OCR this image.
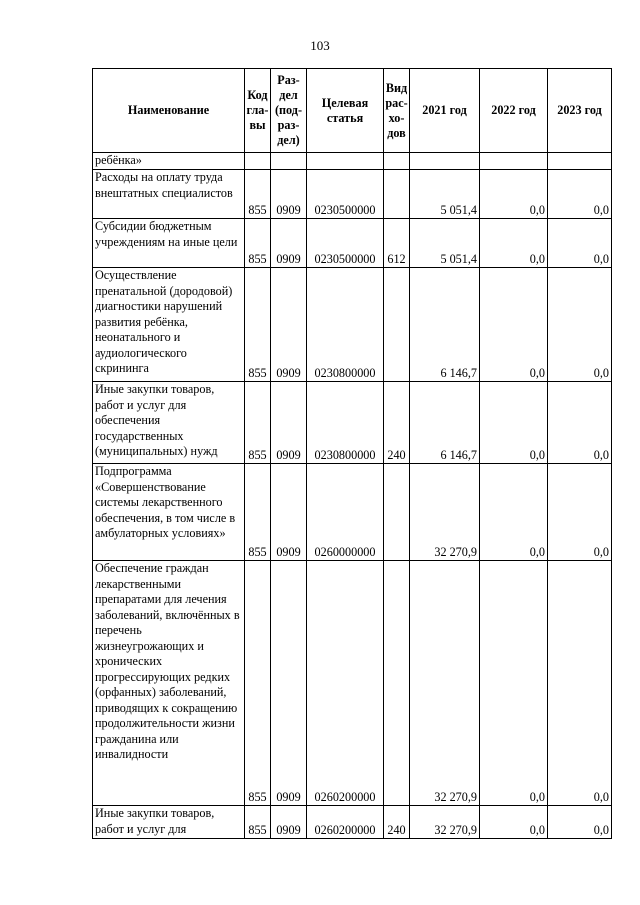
103
Наименование	Код гла- вы	Раз- дел (под- раз- дел)	Целевая статья	Вид рас- хо- дов	2021 год	2022 год	2023 год
ребёнка»							
Расходы на оплату труда внештатных специалистов	855	0909	0230500000		5 051,4	0,0	0,0
Субсидии бюджетным учреждениям на иные цели	855	0909	0230500000	612	5 051,4	0,0	0,0
Осуществление пренатальной (дородовой) диагностики нарушений развития ребёнка, неонатального и аудиологического скрининга	855	0909	0230800000		6 146,7	0,0	0,0
Иные закупки товаров, работ и услуг для обеспечения государственных (муниципальных) нужд	855	0909	0230800000	240	6 146,7	0,0	0,0
Подпрограмма «Совершенствование системы лекарственного обеспечения, в том числе в амбулаторных условиях»	855	0909	0260000000		32 270,9	0,0	0,0
Обеспечение граждан лекарственными препаратами для лечения заболеваний, включённых в перечень жизнеугрожающих и хронических прогрессирующих редких (орфанных) заболеваний, приводящих к сокращению продолжительности жизни гражданина или инвалидности	855	0909	0260200000		32 270,9	0,0	0,0
Иные закупки товаров, работ и услуг для	855	0909	0260200000	240	32 270,9	0,0	0,0
